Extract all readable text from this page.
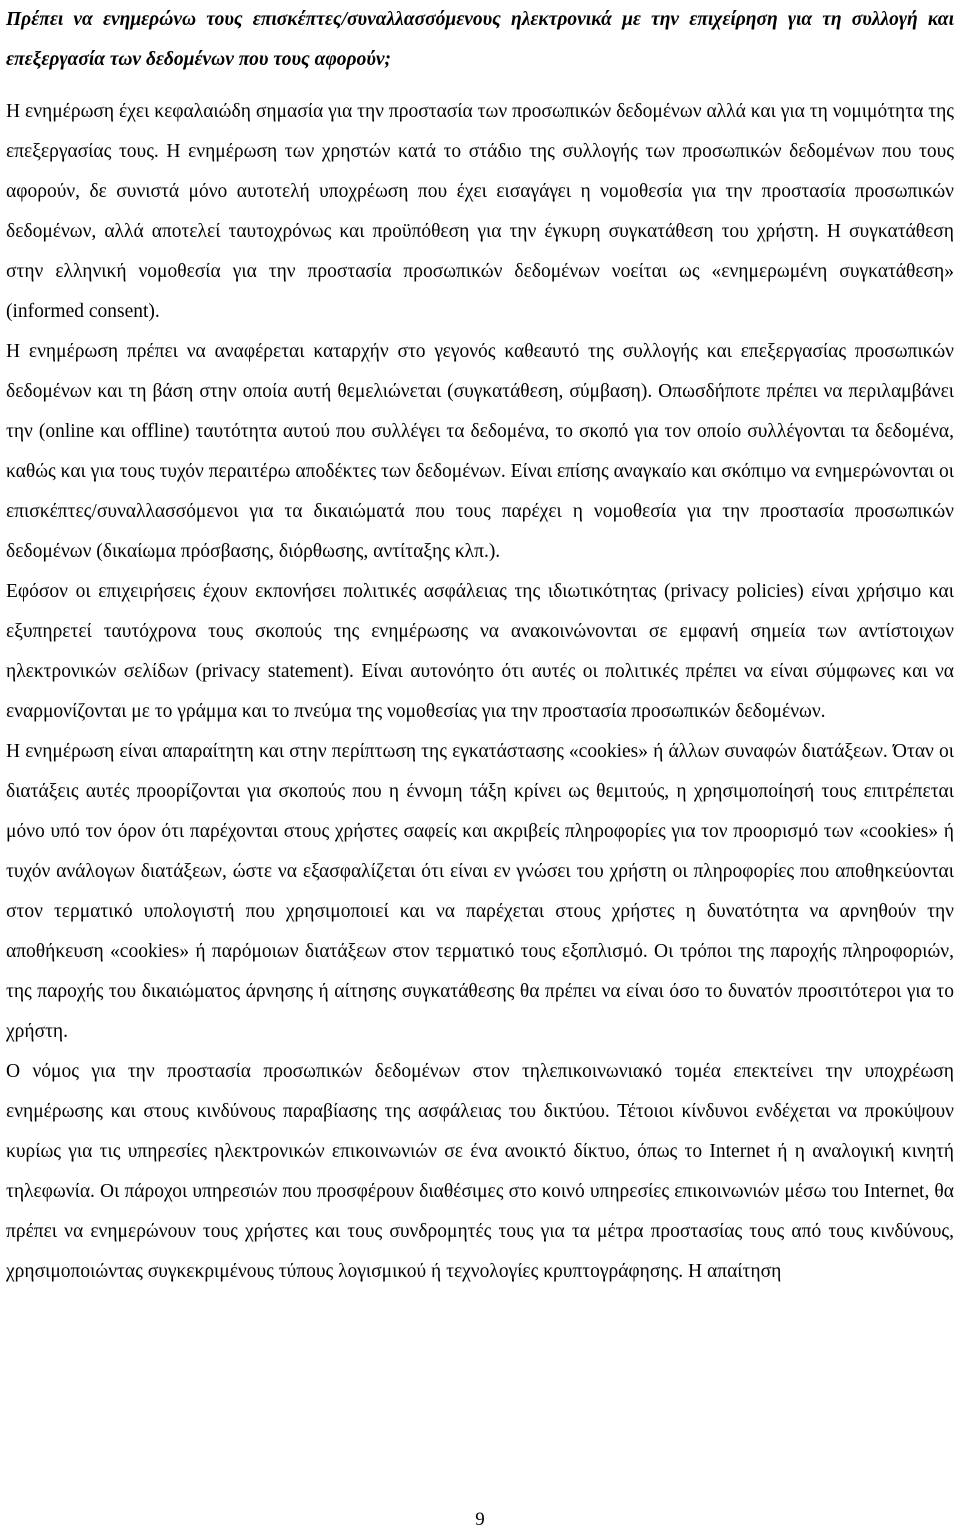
Πρέπει να ενημερώνω τους επισκέπτες/συναλλασσόμενους ηλεκτρονικά με την επιχείρηση για τη συλλογή και επεξεργασία των δεδομένων που τους αφορούν;

Η ενημέρωση έχει κεφαλαιώδη σημασία για την προστασία των προσωπικών δεδομένων αλλά και για τη νομιμότητα της επεξεργασίας τους. Η ενημέρωση των χρηστών κατά το στάδιο της συλλογής των προσωπικών δεδομένων που τους αφορούν, δε συνιστά μόνο αυτοτελή υποχρέωση που έχει εισαγάγει η νομοθεσία για την προστασία προσωπικών δεδομένων, αλλά αποτελεί ταυτοχρόνως και προϋπόθεση για την έγκυρη συγκατάθεση του χρήστη. Η συγκατάθεση στην ελληνική νομοθεσία για την προστασία προσωπικών δεδομένων νοείται ως «ενημερωμένη συγκατάθεση» (informed consent).

Η ενημέρωση πρέπει να αναφέρεται καταρχήν στο γεγονός καθεαυτό της συλλογής και επεξεργασίας προσωπικών δεδομένων και τη βάση στην οποία αυτή θεμελιώνεται (συγκατάθεση, σύμβαση). Οπωσδήποτε πρέπει να περιλαμβάνει την (online και offline) ταυτότητα αυτού που συλλέγει τα δεδομένα, το σκοπό για τον οποίο συλλέγονται τα δεδομένα, καθώς και για τους τυχόν περαιτέρω αποδέκτες των δεδομένων. Είναι επίσης αναγκαίο και σκόπιμο να ενημερώνονται οι επισκέπτες/συναλλασσόμενοι για τα δικαιώματά που τους παρέχει η νομοθεσία για την προστασία προσωπικών δεδομένων (δικαίωμα πρόσβασης, διόρθωσης, αντίταξης κλπ.).

Εφόσον οι επιχειρήσεις έχουν εκπονήσει πολιτικές ασφάλειας της ιδιωτικότητας (privacy policies) είναι χρήσιμο και εξυπηρετεί ταυτόχρονα τους σκοπούς της ενημέρωσης να ανακοινώνονται σε εμφανή σημεία των αντίστοιχων ηλεκτρονικών σελίδων (privacy statement). Είναι αυτονόητο ότι αυτές οι πολιτικές πρέπει να είναι σύμφωνες και να εναρμονίζονται με το γράμμα και το πνεύμα της νομοθεσίας για την προστασία προσωπικών δεδομένων.

Η ενημέρωση είναι απαραίτητη και στην περίπτωση της εγκατάστασης «cookies» ή άλλων συναφών διατάξεων. Όταν οι διατάξεις αυτές προορίζονται για σκοπούς που η έννομη τάξη κρίνει ως θεμιτούς, η χρησιμοποίησή τους επιτρέπεται μόνο υπό τον όρον ότι παρέχονται στους χρήστες σαφείς και ακριβείς πληροφορίες για τον προορισμό των «cookies» ή τυχόν ανάλογων διατάξεων, ώστε να εξασφαλίζεται ότι είναι εν γνώσει του χρήστη οι πληροφορίες που αποθηκεύονται στον τερματικό υπολογιστή που χρησιμοποιεί και να παρέχεται στους χρήστες η δυνατότητα να αρνηθούν την αποθήκευση «cookies» ή παρόμοιων διατάξεων στον τερματικό τους εξοπλισμό. Οι τρόποι της παροχής πληροφοριών, της παροχής του δικαιώματος άρνησης ή αίτησης συγκατάθεσης θα πρέπει να είναι όσο το δυνατόν προσιτότεροι για το χρήστη.

Ο νόμος για την προστασία προσωπικών δεδομένων στον τηλεπικοινωνιακό τομέα επεκτείνει την υποχρέωση ενημέρωσης και στους κινδύνους παραβίασης της ασφάλειας του δικτύου. Τέτοιοι κίνδυνοι ενδέχεται να προκύψουν κυρίως για τις υπηρεσίες ηλεκτρονικών επικοινωνιών σε ένα ανοικτό δίκτυο, όπως το Internet ή η αναλογική κινητή τηλεφωνία. Οι πάροχοι υπηρεσιών που προσφέρουν διαθέσιμες στο κοινό υπηρεσίες επικοινωνιών μέσω του Internet, θα πρέπει να ενημερώνουν τους χρήστες και τους συνδρομητές τους για τα μέτρα προστασίας τους από τους κινδύνους, χρησιμοποιώντας συγκεκριμένους τύπους λογισμικού ή τεχνολογίες κρυπτογράφησης. Η απαίτηση

9
